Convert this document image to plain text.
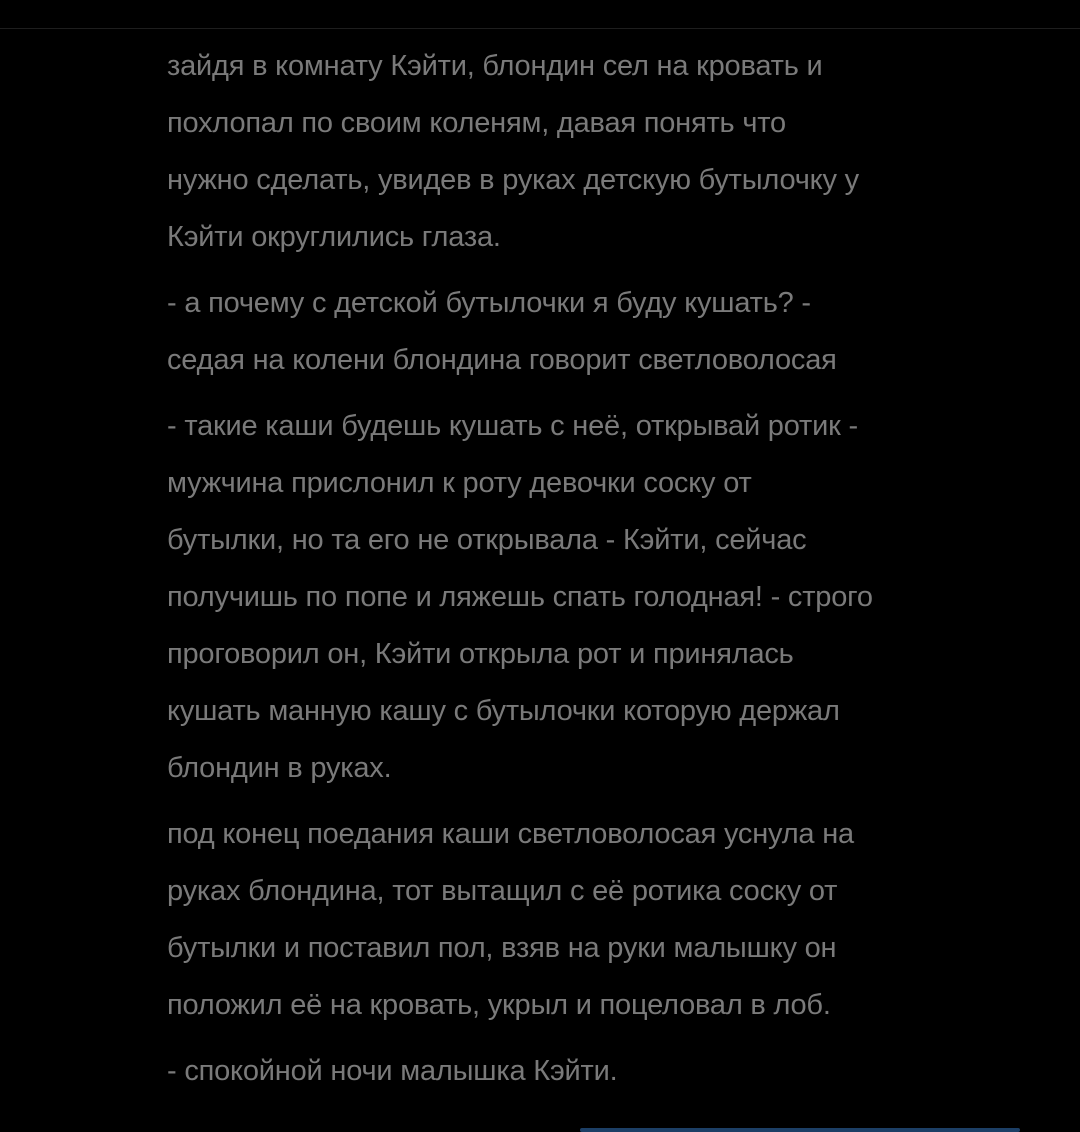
зайдя в комнату Кэйти, блондин сел на кровать и
похлопал по своим коленям, давая понять что
нужно сделать, увидев в руках детскую бутылочку у
Кэйти округлились глаза.
- а почему с детской бутылочки я буду кушать? -
седая на колени блондина говорит светловолосая
- такие каши будешь кушать с неё, открывай ротик -
мужчина прислонил к роту девочки соску от
бутылки, но та его не открывала - Кэйти, сейчас
получишь по попе и ляжешь спать голодная! - строго
проговорил он, Кэйти открыла рот и принялась
кушать манную кашу с бутылочки которую держал
блондин в руках.
под конец поедания каши светловолосая уснула на
руках блондина, тот вытащил с её ротика соску от
бутылки и поставил пол, взяв на руки малышку он
положил её на кровать, укрыл и поцеловал в лоб.
- спокойной ночи малышка Кэйти.
